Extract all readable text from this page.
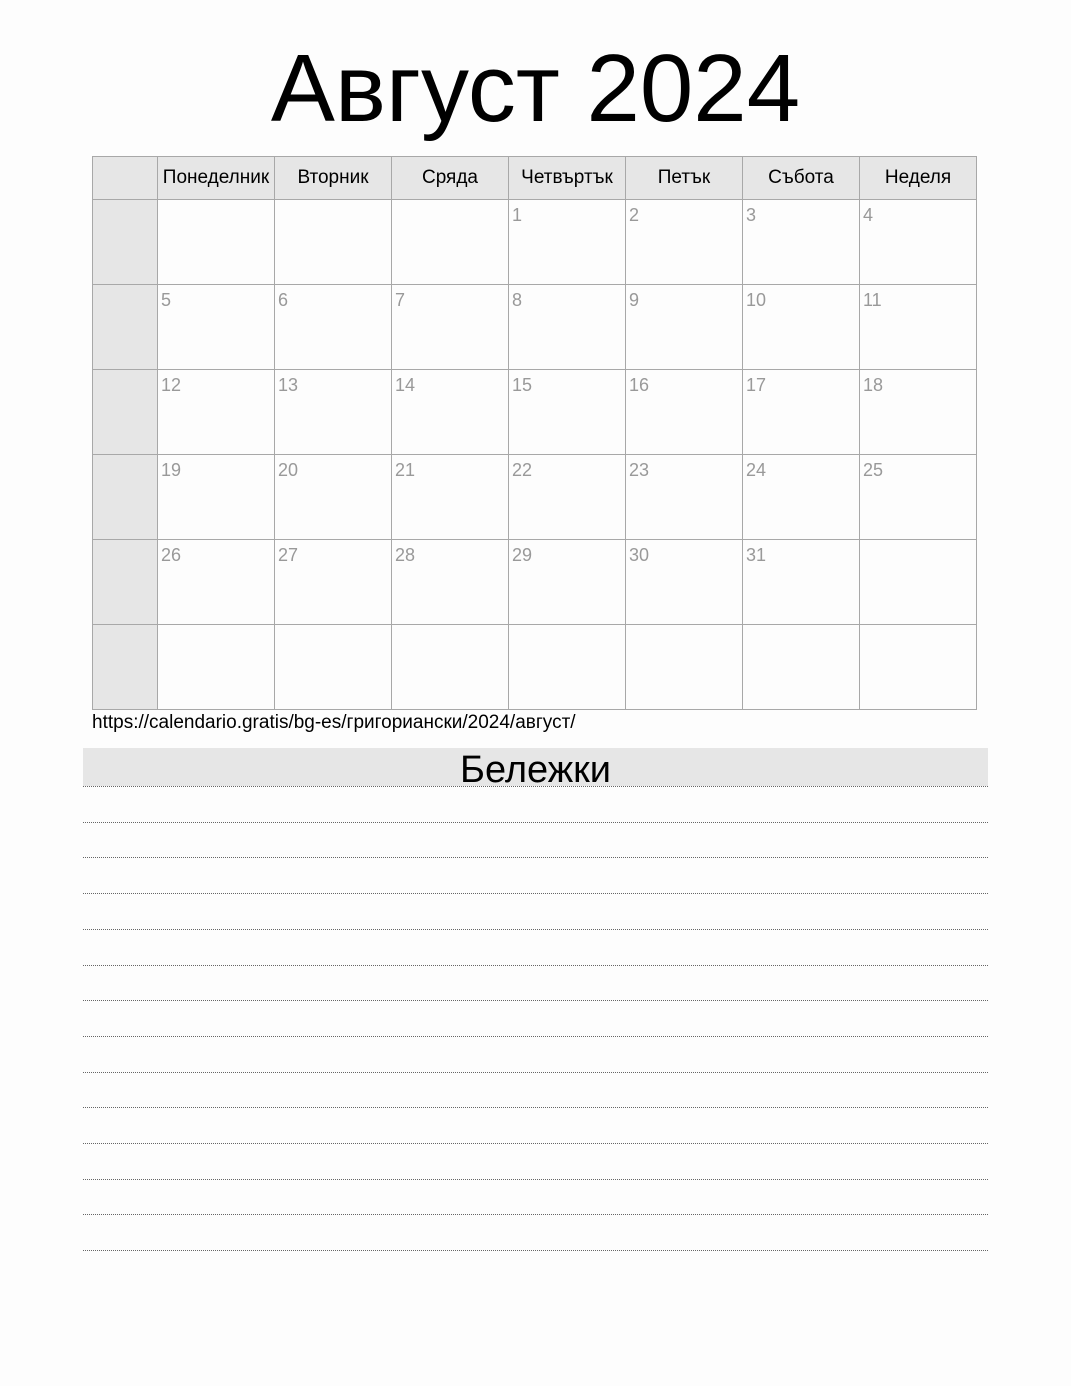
Август 2024
	Понеделник	Вторник	Сряда	Четвъртък	Петък	Събота	Неделя

				1	2	3	4

	5	6	7	8	9	10	11

	12	13	14	15	16	17	18

	19	20	21	22	23	24	25

	26	27	28	29	30	31	

https://calendario.gratis/bg-es/григориански/2024/август/
Бележки
